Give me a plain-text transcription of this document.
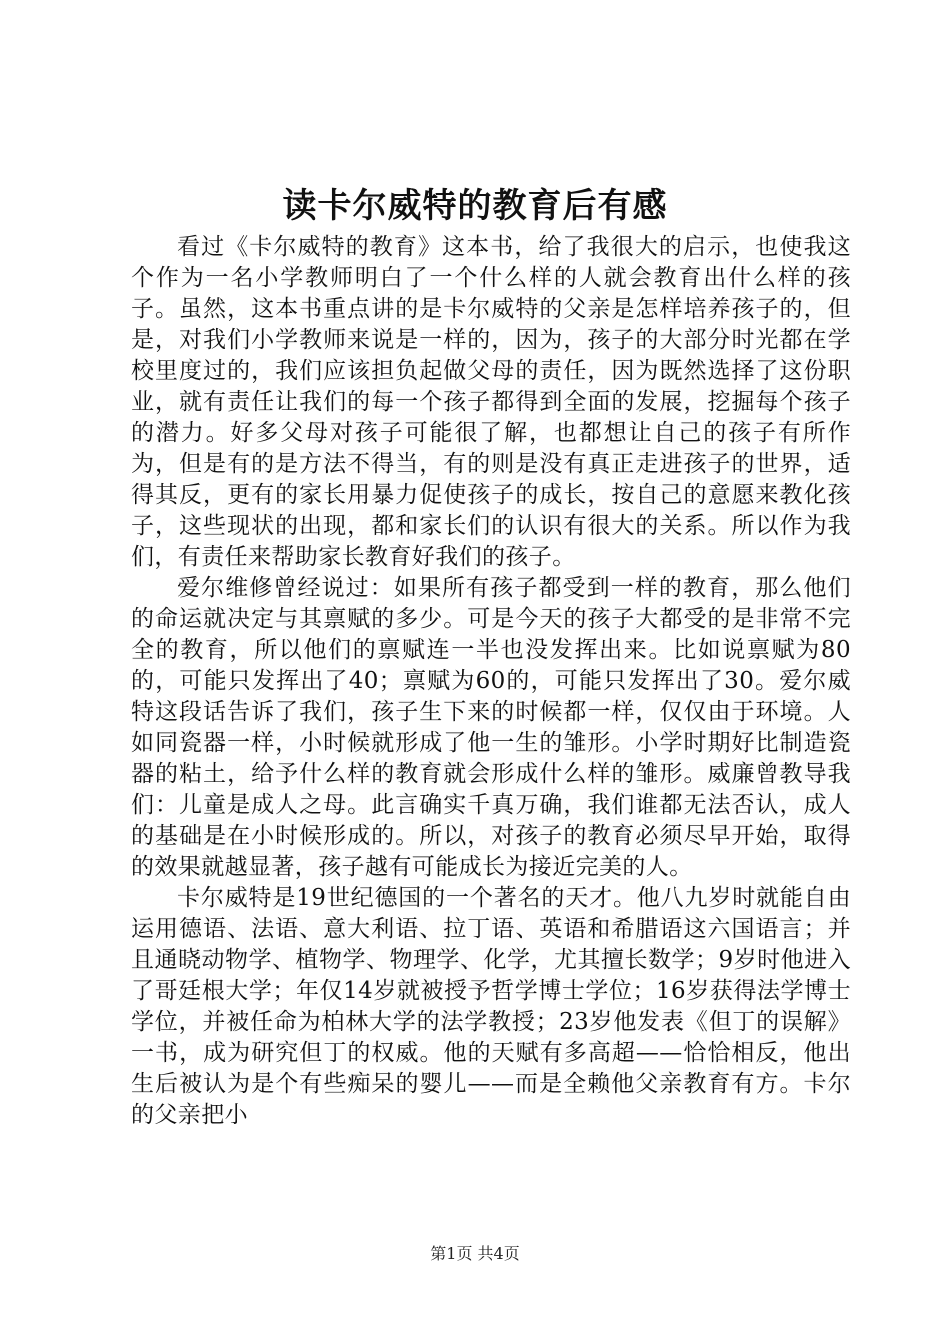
读卡尔威特的教育后有感

看过《卡尔威特的教育》这本书，给了我很大的启示，也使我这个作为一名小学教师明白了一个什么样的人就会教育出什么样的孩子。虽然，这本书重点讲的是卡尔威特的父亲是怎样培养孩子的，但是，对我们小学教师来说是一样的，因为，孩子的大部分时光都在学校里度过的，我们应该担负起做父母的责任，因为既然选择了这份职业，就有责任让我们的每一个孩子都得到全面的发展，挖掘每个孩子的潜力。好多父母对孩子可能很了解，也都想让自己的孩子有所作为，但是有的是方法不得当，有的则是没有真正走进孩子的世界，适得其反，更有的家长用暴力促使孩子的成长，按自己的意愿来教化孩子，这些现状的出现，都和家长们的认识有很大的关系。所以作为我们，有责任来帮助家长教育好我们的孩子。

爱尔维修曾经说过：如果所有孩子都受到一样的教育，那么他们的命运就决定与其禀赋的多少。可是今天的孩子大都受的是非常不完全的教育，所以他们的禀赋连一半也没发挥出来。比如说禀赋为80的，可能只发挥出了40；禀赋为60的，可能只发挥出了30。爱尔威特这段话告诉了我们，孩子生下来的时候都一样，仅仅由于环境。人如同瓷器一样，小时候就形成了他一生的雏形。小学时期好比制造瓷器的粘土，给予什么样的教育就会形成什么样的雏形。威廉曾教导我们：儿童是成人之母。此言确实千真万确，我们谁都无法否认，成人的基础是在小时候形成的。所以，对孩子的教育必须尽早开始，取得的效果就越显著，孩子越有可能成长为接近完美的人。

卡尔威特是19世纪德国的一个著名的天才。他八九岁时就能自由运用德语、法语、意大利语、拉丁语、英语和希腊语这六国语言；并且通晓动物学、植物学、物理学、化学，尤其擅长数学；9岁时他进入了哥廷根大学；年仅14岁就被授予哲学博士学位；16岁获得法学博士学位，并被任命为柏林大学的法学教授；23岁他发表《但丁的误解》一书，成为研究但丁的权威。他的天赋有多高超——恰恰相反，他出生后被认为是个有些痴呆的婴儿——而是全赖他父亲教育有方。卡尔的父亲把小

第1页 共4页
